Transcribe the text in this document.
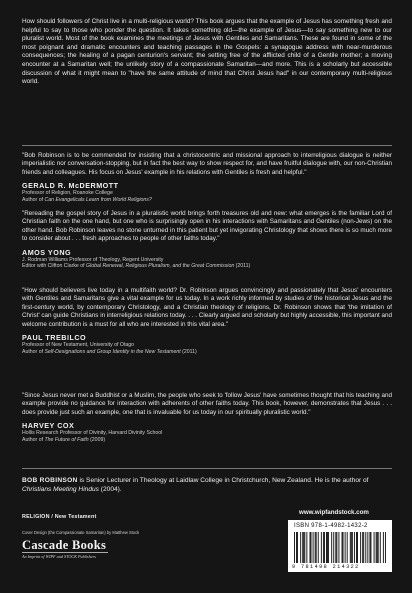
How should followers of Christ live in a multi-religious world? This book argues that the example of Jesus has something fresh and helpful to say to those who ponder the question. It takes something old—the example of Jesus—to say something new to our pluralist world. Most of the book examines the meetings of Jesus with Gentiles and Samaritans. These are found in some of the most poignant and dramatic encounters and teaching passages in the Gospels: a synagogue address with near-murderous consequences; the healing of a pagan centurion's servant; the setting free of the afflicted child of a Gentile mother; a moving encounter at a Samaritan well; the unlikely story of a compassionate Samaritan—and more. This is a scholarly but accessible discussion of what it might mean to "have the same attitude of mind that Christ Jesus had" in our contemporary multi-religious world.
"Bob Robinson is to be commended for insisting that a christocentric and missional approach to interreligious dialogue is neither imperialistic nor conversation-stopping, but in fact the best way to show respect for, and have fruitful dialogue with, our non-Christian friends and colleagues. His focus on Jesus' example in his relations with Gentiles is fresh and helpful."
GERALD R. McDERMOTT
Professor of Religion, Roanoke College
Author of Can Evangelicals Learn from World Religions?
"Rereading the gospel story of Jesus in a pluralistic world brings forth treasures old and new: what emerges is the familiar Lord of Christian faith on the one hand, but one who is surprisingly open in his interactions with Samaritans and Gentiles (non-Jews) on the other hand. Bob Robinson leaves no stone unturned in this patient but yet invigorating Christology that shows there is so much more to consider about . . . fresh approaches to people of other faiths today."
AMOS YONG
J. Rodman Williams Professor of Theology, Regent University
Editor with Clifton Clarke of Global Renewal, Religious Pluralism, and the Great Commission (2011)
"How should believers live today in a multifaith world? Dr. Robinson argues convincingly and passionately that Jesus' encounters with Gentiles and Samaritans give a vital example for us today. In a work richly informed by studies of the historical Jesus and the first-century world, by contemporary Christology, and a Christian theology of religions, Dr. Robinson shows that 'the imitation of Christ' can guide Christians in interreligious relations today. . . . Clearly argued and scholarly but highly accessible, this important and welcome contribution is a must for all who are interested in this vital area."
PAUL TREBILCO
Professor of New Testament, University of Otago
Author of Self-Designations and Group Identity in the New Testament (2011)
"Since Jesus never met a Buddhist or a Muslim, the people who seek to 'follow Jesus' have sometimes thought that his teaching and example provide no guidance for interaction with adherents of other faiths today. This book, however, demonstrates that Jesus . . . does provide just such an example, one that is invaluable for us today in our spiritually pluralistic world."
HARVEY COX
Hollis Research Professor of Divinity, Harvard Divinity School
Author of The Future of Faith (2009)
BOB ROBINSON is Senior Lecturer in Theology at Laidlaw College in Christchurch, New Zealand. He is the author of Christians Meeting Hindus (2004).
RELIGION / New Testament
Cover Design (the Compassionate Samaritan) by Matthew Stock
Cascade Books
An Imprint of WIPF and STOCK Publishers
www.wipfandstock.com
ISBN 978-1-4982-1432-2
9 781498 214322
